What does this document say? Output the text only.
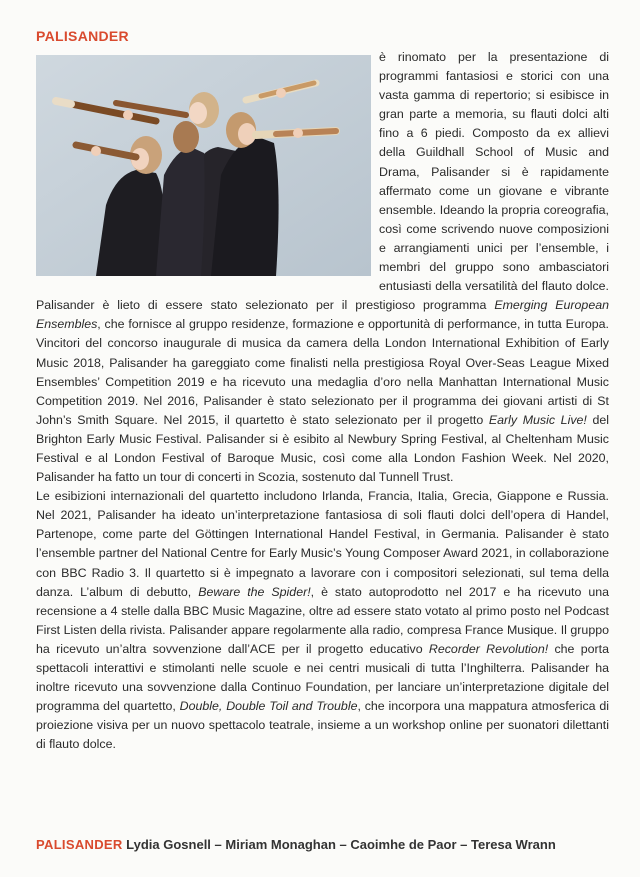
PALISANDER

è rinomato per la presentazione di programmi fantasiosi e storici con una vasta gamma di repertorio; si esibisce in gran parte a memoria, su flauti dolci alti fino a 6 piedi. Composto da ex allievi della Guildhall School of Music and Drama, Palisander si è rapidamente affermato come un giovane e vibrante ensemble. Ideando la propria coreografia, così come scrivendo nuove composizioni e arrangiamenti unici per l’ensemble, i membri del gruppo sono ambasciatori entusiasti della versatilità del flauto dolce. Palisander è lieto di essere stato selezionato per il prestigioso programma Emerging European Ensembles, che fornisce al gruppo residenze, formazione e opportunità di performance, in tutta Europa. Vincitori del concorso inaugurale di musica da camera della London International Exhibition of Early Music 2018, Palisander ha gareggiato come finalisti nella prestigiosa Royal Over-Seas League Mixed Ensembles’ Competition 2019 e ha ricevuto una medaglia d’oro nella Manhattan International Music Competition 2019. Nel 2016, Palisander è stato selezionato per il programma dei giovani artisti di St John’s Smith Square. Nel 2015, il quartetto è stato selezionato per il progetto Early Music Live! del Brighton Early Music Festival. Palisander si è esibito al Newbury Spring Festival, al Cheltenham Music Festival e al London Festival of Baroque Music, così come alla London Fashion Week. Nel 2020, Palisander ha fatto un tour di concerti in Scozia, sostenuto dal Tunnell Trust.

Le esibizioni internazionali del quartetto includono Irlanda, Francia, Italia, Grecia, Giappone e Russia. Nel 2021, Palisander ha ideato un’interpretazione fantasiosa di soli flauti dolci dell’opera di Handel, Partenope, come parte del Göttingen International Handel Festival, in Germania. Palisander è stato l’ensemble partner del National Centre for Early Music’s Young Composer Award 2021, in collaborazione con BBC Radio 3. Il quartetto si è impegnato a lavorare con i compositori selezionati, sul tema della danza. L’album di debutto, Beware the Spider!, è stato autoprodotto nel 2017 e ha ricevuto una recensione a 4 stelle dalla BBC Music Magazine, oltre ad essere stato votato al primo posto nel Podcast First Listen della rivista. Palisander appare regolarmente alla radio, compresa France Musique. Il gruppo ha ricevuto un’altra sovvenzione dall’ACE per il progetto educativo Recorder Revolution! che porta spettacoli interattivi e stimolanti nelle scuole e nei centri musicali di tutta l’Inghilterra. Palisander ha inoltre ricevuto una sovvenzione dalla Continuo Foundation, per lanciare un’interpretazione digitale del programma del quartetto, Double, Double Toil and Trouble, che incorpora una mappatura atmosferica di proiezione visiva per un nuovo spettacolo teatrale, insieme a un workshop online per suonatori dilettanti di flauto dolce.

PALISANDER Lydia Gosnell – Miriam Monaghan – Caoimhe de Paor – Teresa Wrann
